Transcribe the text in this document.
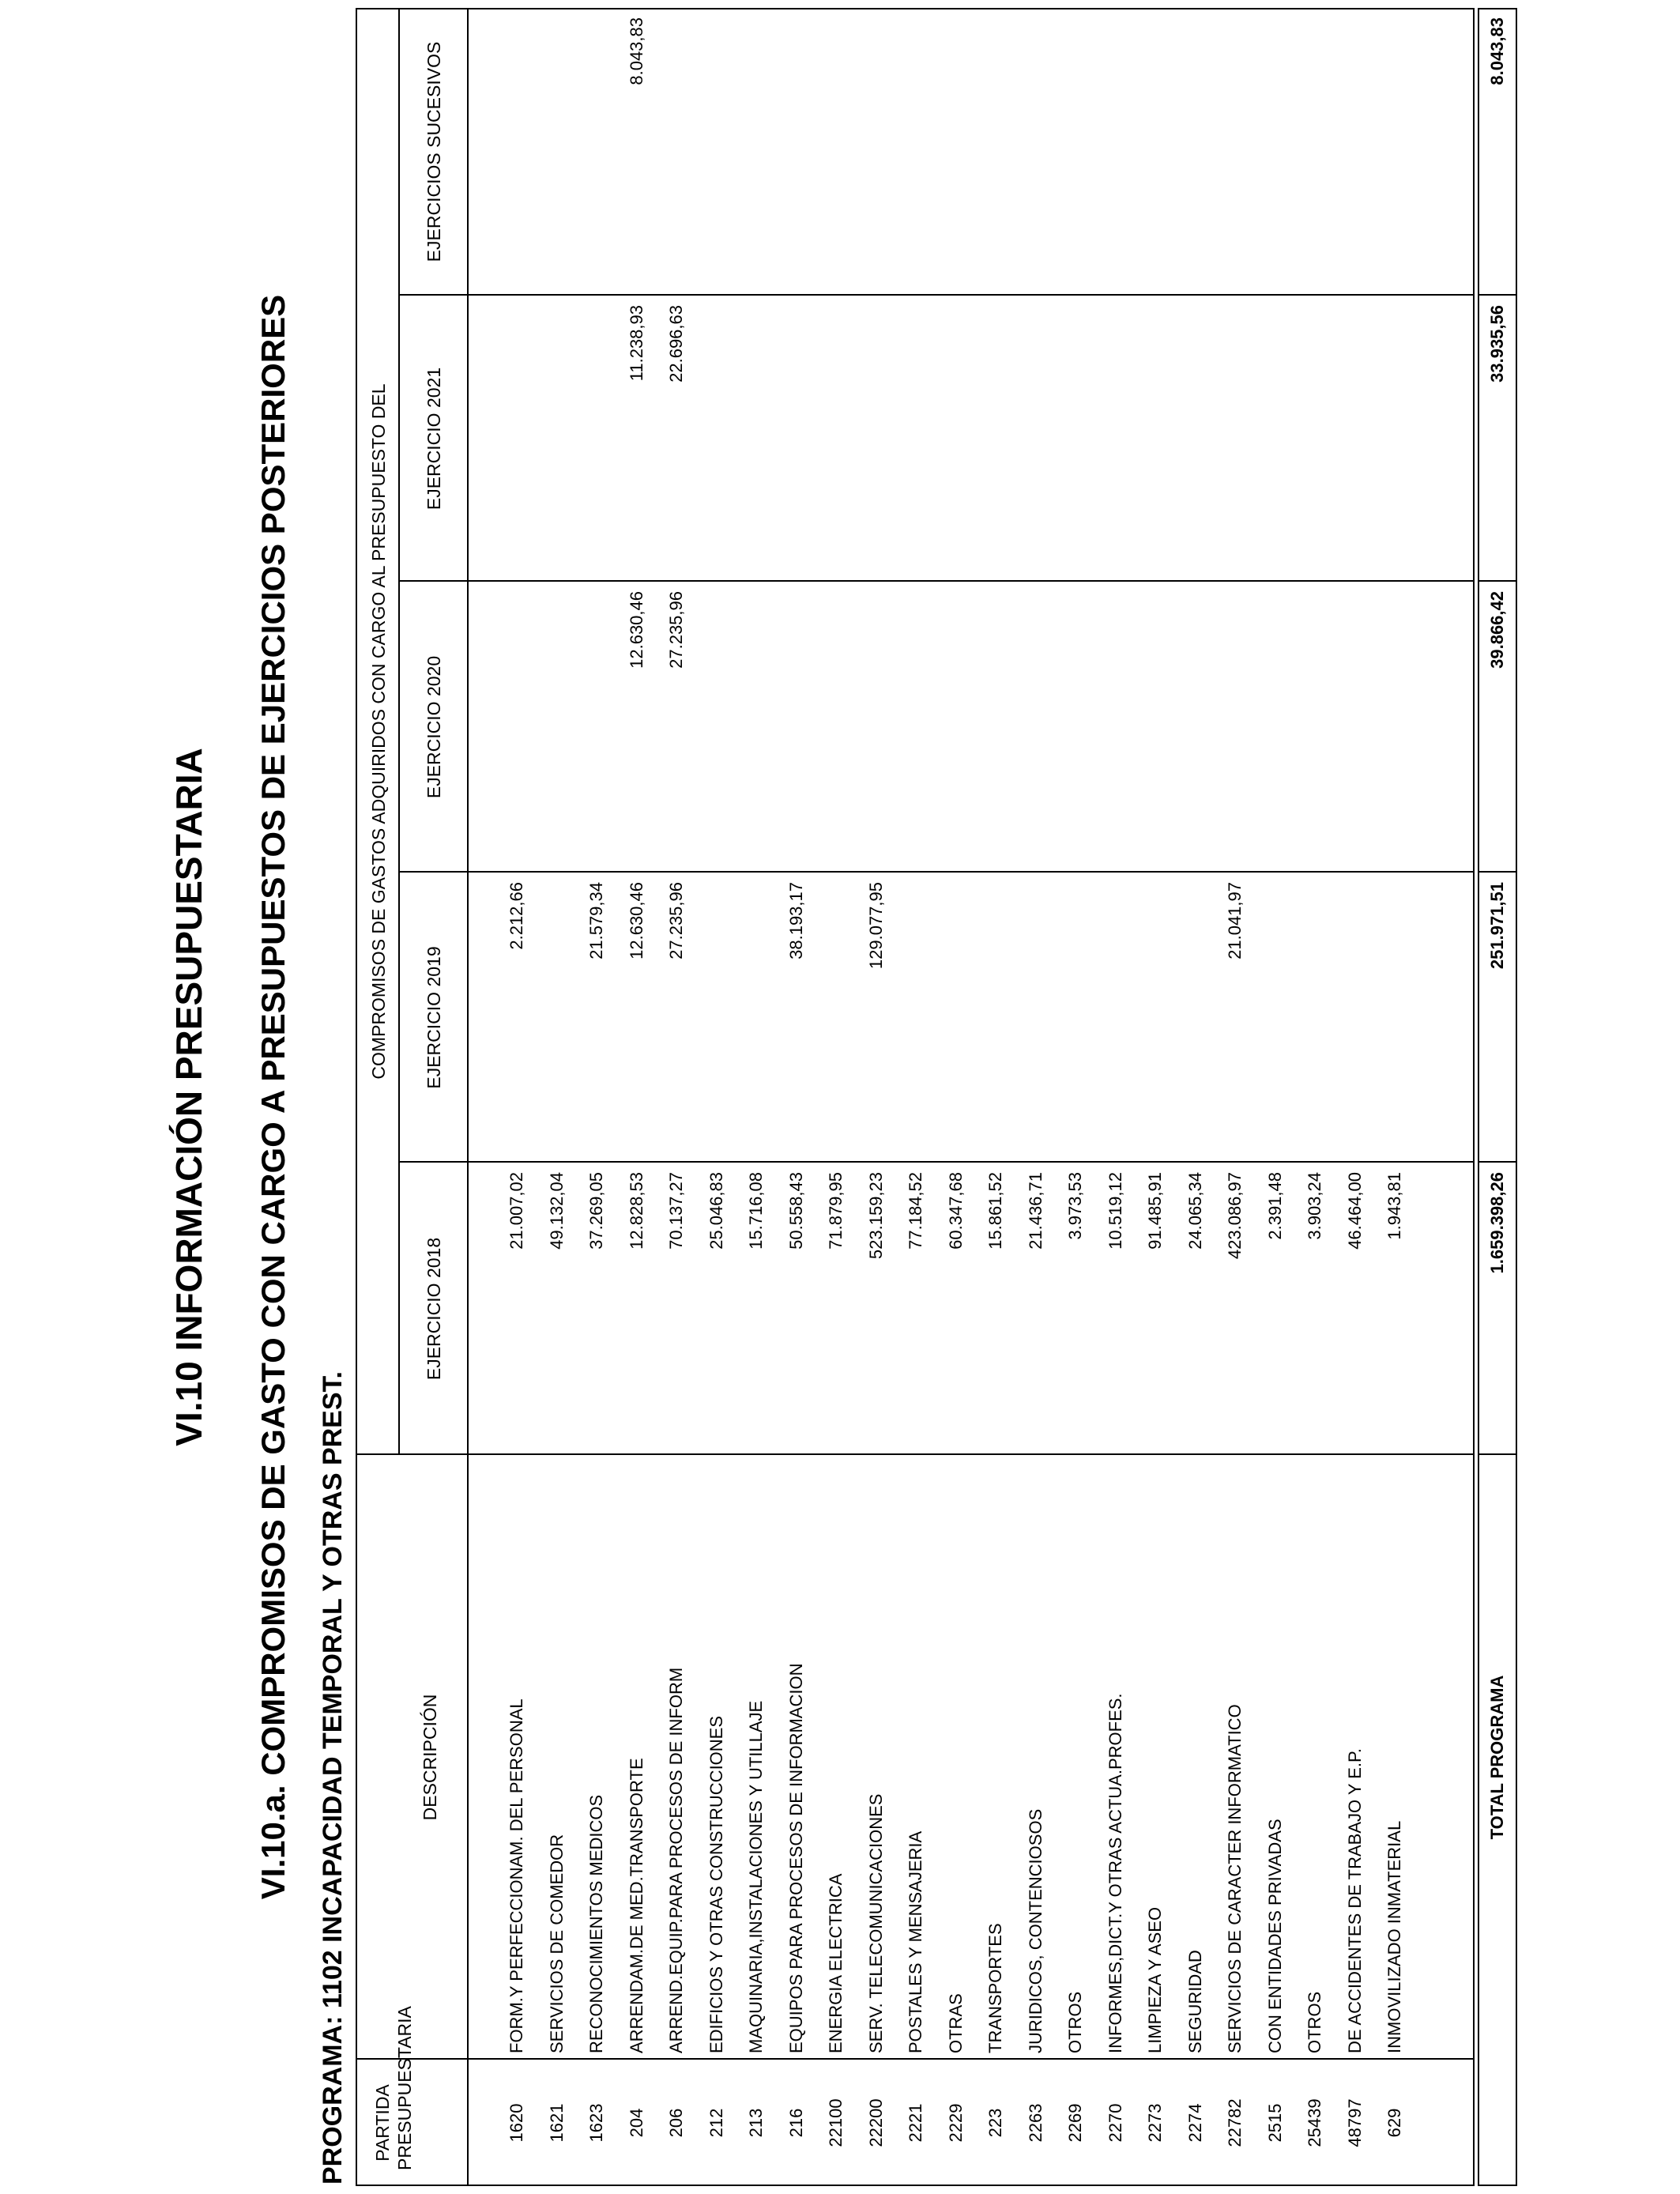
VI.10 INFORMACIÓN PRESUPUESTARIA VI.10.a. COMPROMISOS DE GASTO CON CARGO A PRESUPUESTOS DE EJERCICIOS POSTERIORES PROGRAMA: 1102 INCAPACIDAD TEMPORAL Y OTRAS PREST. PARTIDA PRESUPUESTARIA
DESCRIPCIÓN
COMPROMISOS DE GASTOS ADQUIRIDOS CON CARGO AL PRESUPUESTO DEL
EJERCICIO 2018
EJERCICIO 2019
EJERCICIO 2020
EJERCICIO 2021
EJERCICIOS SUCESIVOS
1620
FORM.Y PERFECCIONAM. DEL PERSONAL
21.007,02
2.212,66
1621
SERVICIOS DE COMEDOR
49.132,04
1623
RECONOCIMIENTOS MEDICOS
37.269,05
21.579,34
204
ARRENDAM.DE MED.TRANSPORTE
12.828,53
12.630,46
12.630,46
11.238,93
8.043,83
206
ARREND.EQUIP.PARA PROCESOS DE INFORM
70.137,27
27.235,96
27.235,96
22.696,63
212
EDIFICIOS Y OTRAS CONSTRUCCIONES
25.046,83
213
MAQUINARIA,INSTALACIONES Y UTILLAJE
15.716,08
216
EQUIPOS PARA PROCESOS DE INFORMACION
50.558,43
38.193,17
22100
ENERGIA ELECTRICA
71.879,95
22200
SERV. TELECOMUNICACIONES
523.159,23
129.077,95
2221
POSTALES Y MENSAJERIA
77.184,52
2229
OTRAS
60.347,68
223
TRANSPORTES
15.861,52
2263
JURIDICOS, CONTENCIOSOS
21.436,71
2269
OTROS
3.973,53
2270
INFORMES,DICT.Y OTRAS ACTUA.PROFES.
10.519,12
2273
LIMPIEZA Y ASEO
91.485,91
2274
SEGURIDAD
24.065,34
22782
SERVICIOS DE CARACTER INFORMATICO
423.086,97
21.041,97
2515
CON ENTIDADES PRIVADAS
2.391,48
25439
OTROS
3.903,24
48797
DE ACCIDENTES DE TRABAJO Y E.P.
46.464,00
629
INMOVILIZADO INMATERIAL
1.943,81
TOTAL PROGRAMA
1.659.398,26
251.971,51
39.866,42
33.935,56
8.043,83
